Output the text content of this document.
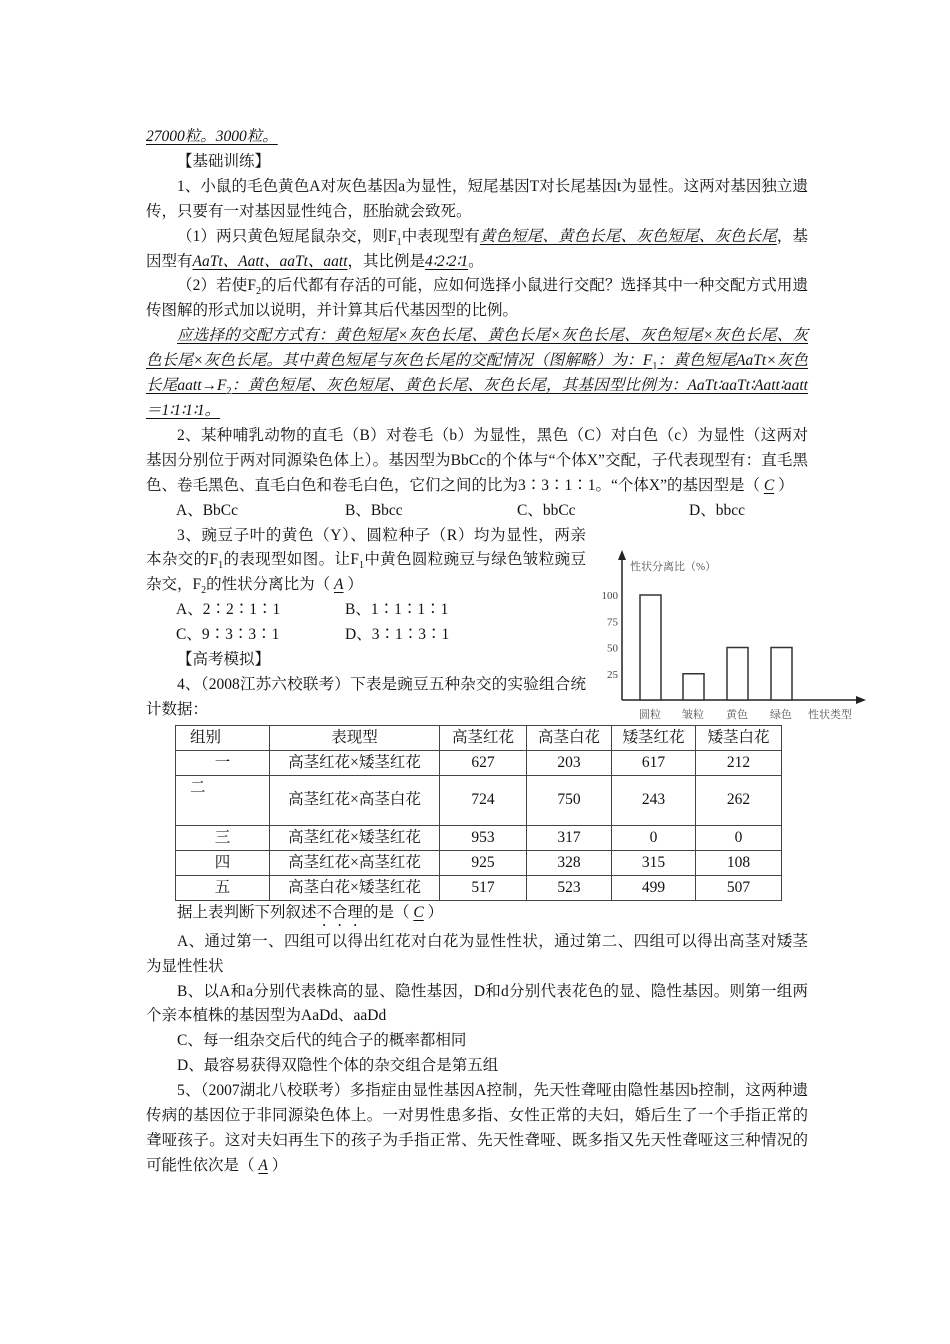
27000粒。3000粒。

【基础训练】

1、小鼠的毛色黄色A对灰色基因a为显性，短尾基因T对长尾基因t为显性。这两对基因独立遗传，只要有一对基因显性纯合，胚胎就会致死。

（1）两只黄色短尾鼠杂交，则$F_1$中表现型有黄色短尾、黄色长尾、灰色短尾、灰色长尾，基因型有AaTt、Aatt、aaTt、aatt，其比例是4∶2∶2∶1。

（2）若使$F_2$的后代都有存活的可能，应如何选择小鼠进行交配？选择其中一种交配方式用遗传图解的形式加以说明，并计算其后代基因型的比例。

应选择的交配方式有：黄色短尾×灰色长尾、黄色长尾×灰色长尾、灰色短尾×灰色长尾、灰色长尾×灰色长尾。其中黄色短尾与灰色长尾的交配情况（图解略）为：$F_1$：黄色短尾AaTt×灰色长尾$aatt\to F_2$：黄色短尾、灰色短尾、黄色长尾、灰色长尾，其基因型比例为：AaTt∶aaTt∶Aatt∶aatt＝1∶1∶1∶1。

2、某种哺乳动物的直毛（B）对卷毛（b）为显性，黑色（C）对白色（c）为显性（这两对基因分别位于两对同源染色体上）。基因型为BbCc的个体与“个体X”交配，子代表现型有：直毛黑色、卷毛黑色、直毛白色和卷毛白色，它们之间的比为3∶3∶1∶1。“个体X”的基因型是（ C ）

A、BbCc	B、Bbcc	C、bbCc	D、bbcc

3、豌豆子叶的黄色（Y）、圆粒种子（R）均为显性，两亲本杂交的$F_1$的表现型如图。让$F_1$中黄色圆粒豌豆与绿色皱粒豌豆杂交，$F_2$的性状分离比为（ A ）

A、2∶2∶1∶1	B、1∶1∶1∶1
C、9∶3∶3∶1	D、3∶1∶3∶1

【高考模拟】

4、（2008江苏六校联考）下表是豌豆五种杂交的实验组合统计数据：

组别	表现型	高茎红花	高茎白花	矮茎红花	矮茎白花
一	高茎红花×矮茎红花	627	203	617	212
二	高茎红花×高茎白花	724	750	243	262
三	高茎红花×矮茎红花	953	317	0	0
四	高茎红花×高茎红花	925	328	315	108
五	高茎白花×矮茎红花	517	523	499	507

据上表判断下列叙述不合理的是（ C ）

A、通过第一、四组可以得出红花对白花为显性性状，通过第二、四组可以得出高茎对矮茎为显性性状

B、以A和a分别代表株高的显、隐性基因，D和d分别代表花色的显、隐性基因。则第一组两个亲本植株的基因型为AaDd、aaDd

C、每一组杂交后代的纯合子的概率都相同

D、最容易获得双隐性个体的杂交组合是第五组

5、（2007湖北八校联考）多指症由显性基因A控制，先天性聋哑由隐性基因b控制，这两种遗传病的基因位于非同源染色体上。一对男性患多指、女性正常的夫妇，婚后生了一个手指正常的聋哑孩子。这对夫妇再生下的孩子为手指正常、先天性聋哑、既多指又先天性聋哑这三种情况的可能性依次是（ A ）

性状分离比（%）
性状类型
25
50
75
100
圆粒 皱粒 黄色 绿色
